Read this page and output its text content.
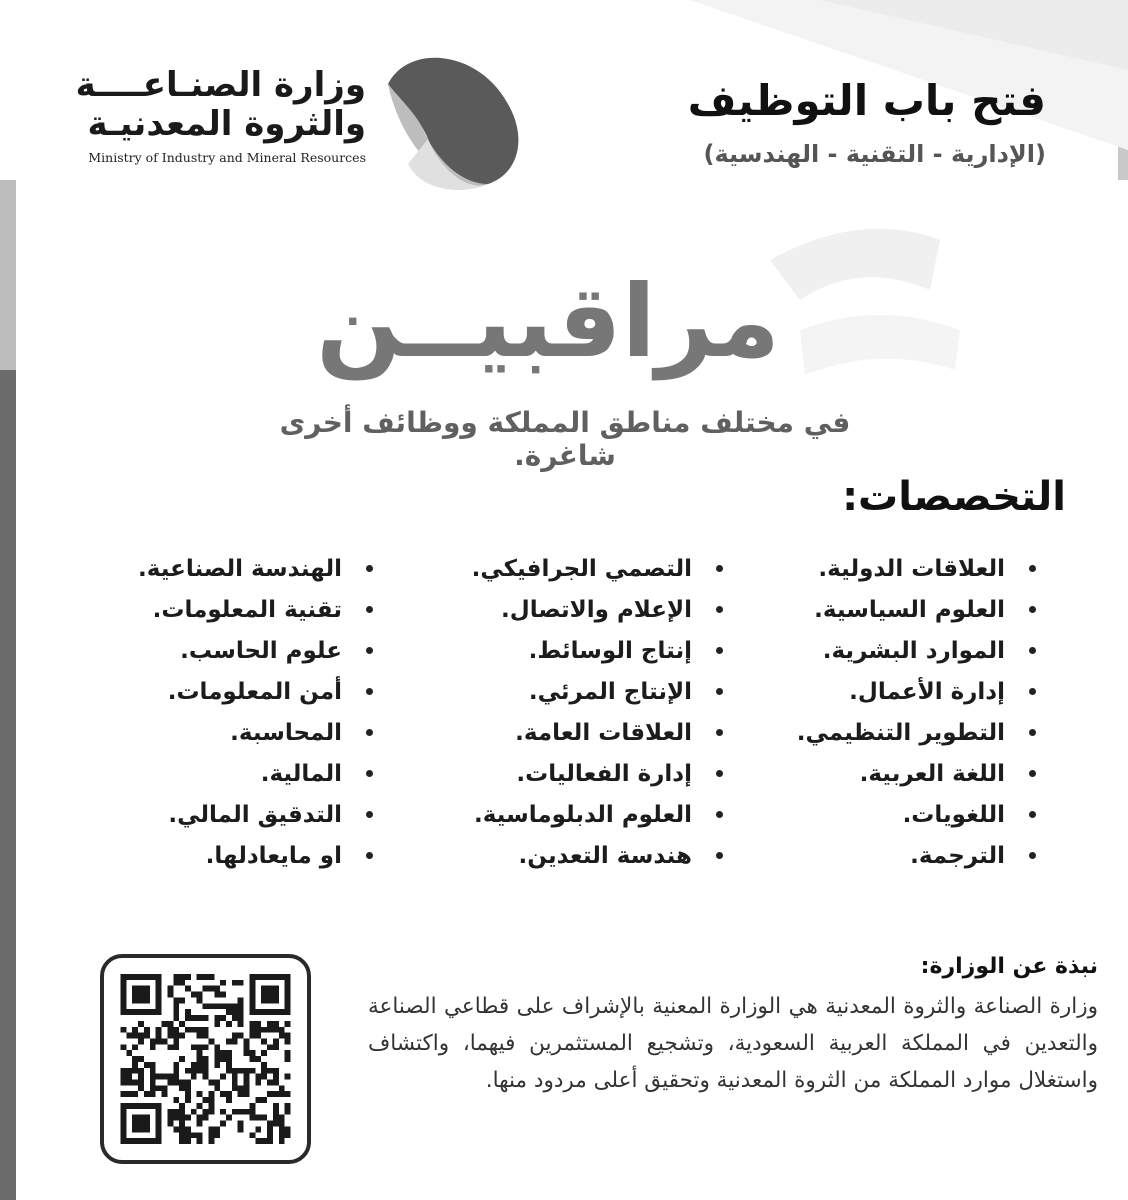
وزارة الصنـاعــــة
والثروة المعدنيـة
Ministry of Industry and Mineral Resources
فتح باب التوظيف
(الإدارية - التقنية - الهندسية)
مراقبيــن
في مختلف مناطق المملكة ووظائف أخرى شاغرة.
التخصصات:
العلاقات الدولية.
العلوم السياسية.
الموارد البشرية.
إدارة الأعمال.
التطوير التنظيمي.
اللغة العربية.
اللغويات.
الترجمة.
التصمي الجرافيكي.
الإعلام والاتصال.
إنتاج الوسائط.
الإنتاج المرئي.
العلاقات العامة.
إدارة الفعاليات.
العلوم الدبلوماسية.
هندسة التعدين.
الهندسة الصناعية.
تقنية المعلومات.
علوم الحاسب.
أمن المعلومات.
المحاسبة.
المالية.
التدقيق المالي.
او مايعادلها.
نبذة عن الوزارة:
وزارة الصناعة والثروة المعدنية هي الوزارة المعنية بالإشراف على قطاعي الصناعة والتعدين في المملكة العربية السعودية، وتشجيع المستثمرين فيهما، واكتشاف واستغلال موارد المملكة من الثروة المعدنية وتحقيق أعلى مردود منها.
